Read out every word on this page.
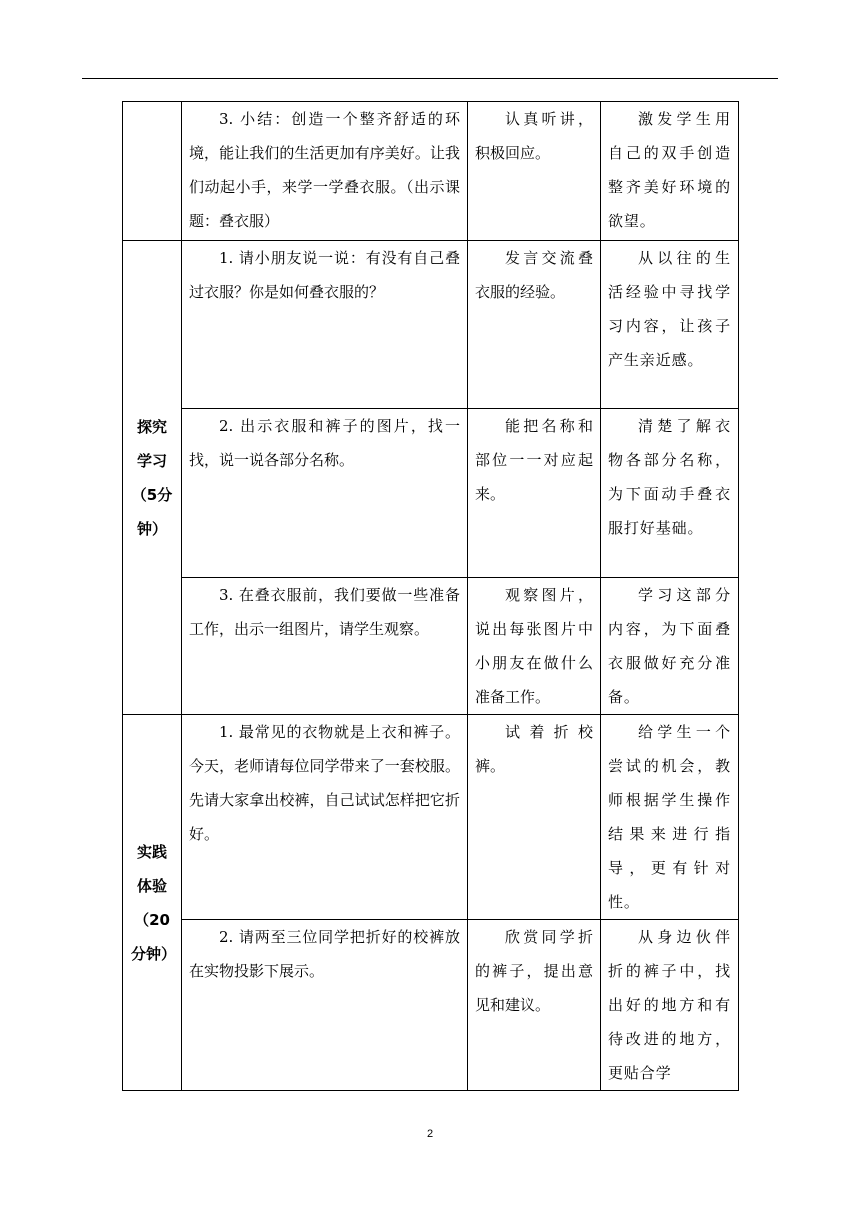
	3. 小结：创造一个整齐舒适的环境，能让我们的生活更加有序美好。让我们动起小手，来学一学叠衣服。（出示课题：叠衣服）	认真听讲，积极回应。	激发学生用自己的双手创造整齐美好环境的欲望。
探究学习（5分钟）	1. 请小朋友说一说：有没有自己叠过衣服？你是如何叠衣服的？	发言交流叠衣服的经验。	从以往的生活经验中寻找学习内容，让孩子产生亲近感。
	2. 出示衣服和裤子的图片，找一找，说一说各部分名称。	能把名称和部位一一对应起来。	清楚了解衣物各部分名称，为下面动手叠衣服打好基础。
	3. 在叠衣服前，我们要做一些准备工作，出示一组图片，请学生观察。	观察图片，说出每张图片中小朋友在做什么准备工作。	学习这部分内容，为下面叠衣服做好充分准备。
实践体验（20分钟）	1. 最常见的衣物就是上衣和裤子。今天，老师请每位同学带来了一套校服。先请大家拿出校裤，自己试试怎样把它折好。	试着折校裤。	给学生一个尝试的机会，教师根据学生操作结果来进行指导，更有针对性。
	2. 请两至三位同学把折好的校裤放在实物投影下展示。	欣赏同学折的裤子，提出意见和建议。	从身边伙伴折的裤子中，找出好的地方和有待改进的地方，更贴合学
2
